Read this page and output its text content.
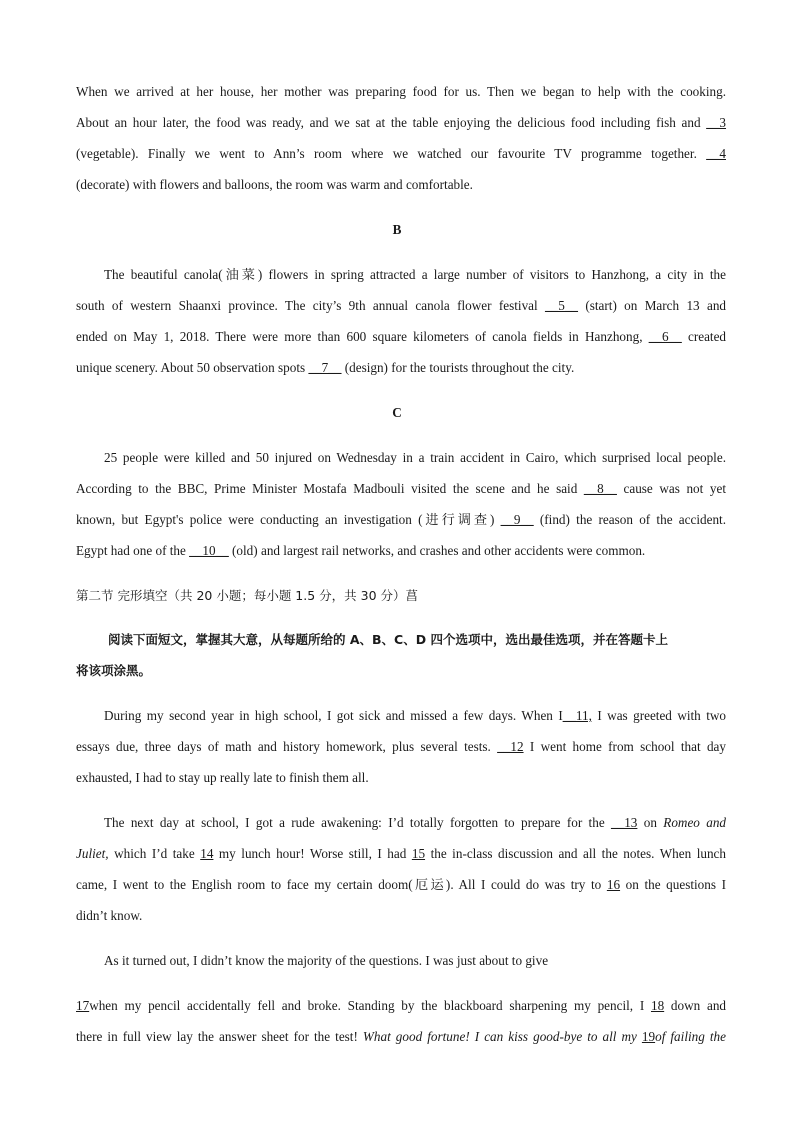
When we arrived at her house, her mother was preparing food for us. Then we began to help with the cooking.
About an hour later, the food was ready, and we sat at the table enjoying the delicious food including fish and __3
(vegetable). Finally we went to Ann’s room where we watched our favourite TV programme together. __4
(decorate) with flowers and balloons, the room was warm and comfortable.
B
The beautiful canola(油菜) flowers in spring attracted a large number of visitors to Hanzhong, a city in the
south of western Shaanxi province. The city’s 9th annual canola flower festival __5__ (start) on March 13 and
ended on May 1, 2018. There were more than 600 square kilometers of canola fields in Hanzhong, __6__ created
unique scenery. About 50 observation spots __7__ (design) for the tourists throughout the city.
C
25 people were killed and 50 injured on Wednesday in a train accident in Cairo, which surprised local people.
According to the BBC, Prime Minister Mostafa Madbouli visited the scene and he said __8__ cause was not yet
known, but Egypt's police were conducting an investigation (进行调查) __9__ (find) the reason of the accident.
Egypt had one of the __10__ (old) and largest rail networks, and crashes and other accidents were common.
第二节 完形填空（共 20 小题；每小题 1.5 分，共 30 分）菖
阅读下面短文，掌握其大意，从每题所给的 A、B、C、D 四个选项中，选出最佳选项，并在答题卡上
将该项涂黑。
During my second year in high school, I got sick and missed a few days. When I__11, I was greeted with two
essays due, three days of math and history homework, plus several tests. __12 I went home from school that day
exhausted, I had to stay up really late to finish them all.
The next day at school, I got a rude awakening: I’d totally forgotten to prepare for the __13 on Romeo and
Juliet, which I’d take 14 my lunch hour! Worse still, I had 15 the in-class discussion and all the notes. When lunch
came, I went to the English room to face my certain doom(厄运). All I could do was try to 16 on the questions I
didn’t know.
As it turned out, I didn’t know the majority of the questions. I was just about to give
17when my pencil accidentally fell and broke. Standing by the blackboard sharpening my pencil, I 18 down and
there in full view lay the answer sheet for the test! What good fortune! I can kiss good-bye to all my 19of failing the
